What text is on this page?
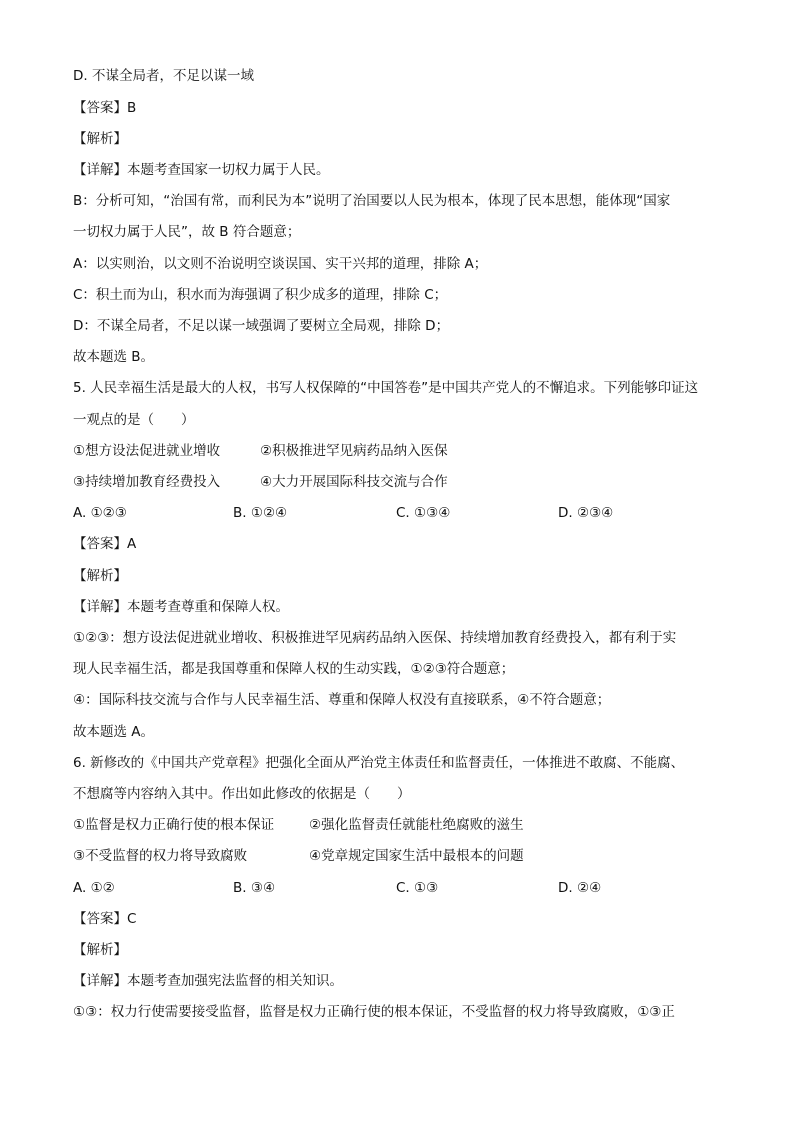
D. 不谋全局者，不足以谋一域
【答案】B
【解析】
【详解】本题考查国家一切权力属于人民。
B：分析可知，“治国有常，而利民为本”说明了治国要以人民为根本，体现了民本思想，能体现“国家
一切权力属于人民”，故 B 符合题意；
A：以实则治，以文则不治说明空谈误国、实干兴邦的道理，排除 A；
C：积土而为山，积水而为海强调了积少成多的道理，排除 C；
D：不谋全局者，不足以谋一域强调了要树立全局观，排除 D；
故本题选 B。
5. 人民幸福生活是最大的人权，书写人权保障的“中国答卷”是中国共产党人的不懈追求。下列能够印证这
一观点的是（　　）
①想方设法促进就业增收	②积极推进罕见病药品纳入医保
③持续增加教育经费投入	④大力开展国际科技交流与合作
A. ①②③	B. ①②④	C. ①③④	D. ②③④
【答案】A
【解析】
【详解】本题考查尊重和保障人权。
①②③：想方设法促进就业增收、积极推进罕见病药品纳入医保、持续增加教育经费投入，都有利于实
现人民幸福生活，都是我国尊重和保障人权的生动实践，①②③符合题意；
④：国际科技交流与合作与人民幸福生活、尊重和保障人权没有直接联系，④不符合题意；
故本题选 A。
6. 新修改的《中国共产党章程》把强化全面从严治党主体责任和监督责任，一体推进不敢腐、不能腐、
不想腐等内容纳入其中。作出如此修改的依据是（　　）
①监督是权力正确行使的根本保证	②强化监督责任就能杜绝腐败的滋生
③不受监督的权力将导致腐败	④党章规定国家生活中最根本的问题
A. ①②	B. ③④	C. ①③	D. ②④
【答案】C
【解析】
【详解】本题考查加强宪法监督的相关知识。
①③：权力行使需要接受监督，监督是权力正确行使的根本保证，不受监督的权力将导致腐败，①③正
